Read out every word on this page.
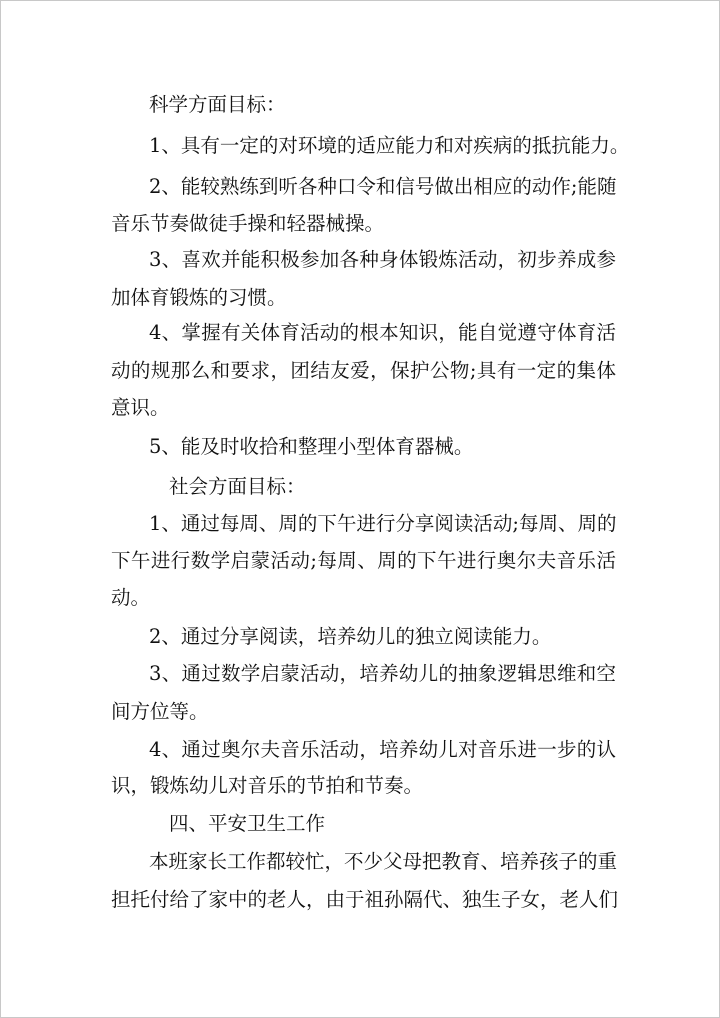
科学方面目标：
1、具有一定的对环境的适应能力和对疾病的抵抗能力。
2、能较熟练到听各种口令和信号做出相应的动作;能随
音乐节奏做徒手操和轻器械操。
3、喜欢并能积极参加各种身体锻炼活动，初步养成参
加体育锻炼的习惯。
4、掌握有关体育活动的根本知识，能自觉遵守体育活
动的规那么和要求，团结友爱，保护公物;具有一定的集体
意识。
5、能及时收拾和整理小型体育器械。
社会方面目标：
1、通过每周、周的下午进行分享阅读活动;每周、周的
下午进行数学启蒙活动;每周、周的下午进行奥尔夫音乐活
动。
2、通过分享阅读，培养幼儿的独立阅读能力。
3、通过数学启蒙活动，培养幼儿的抽象逻辑思维和空
间方位等。
4、通过奥尔夫音乐活动，培养幼儿对音乐进一步的认
识，锻炼幼儿对音乐的节拍和节奏。
四、平安卫生工作
本班家长工作都较忙，不少父母把教育、培养孩子的重
担托付给了家中的老人，由于祖孙隔代、独生子女，老人们
